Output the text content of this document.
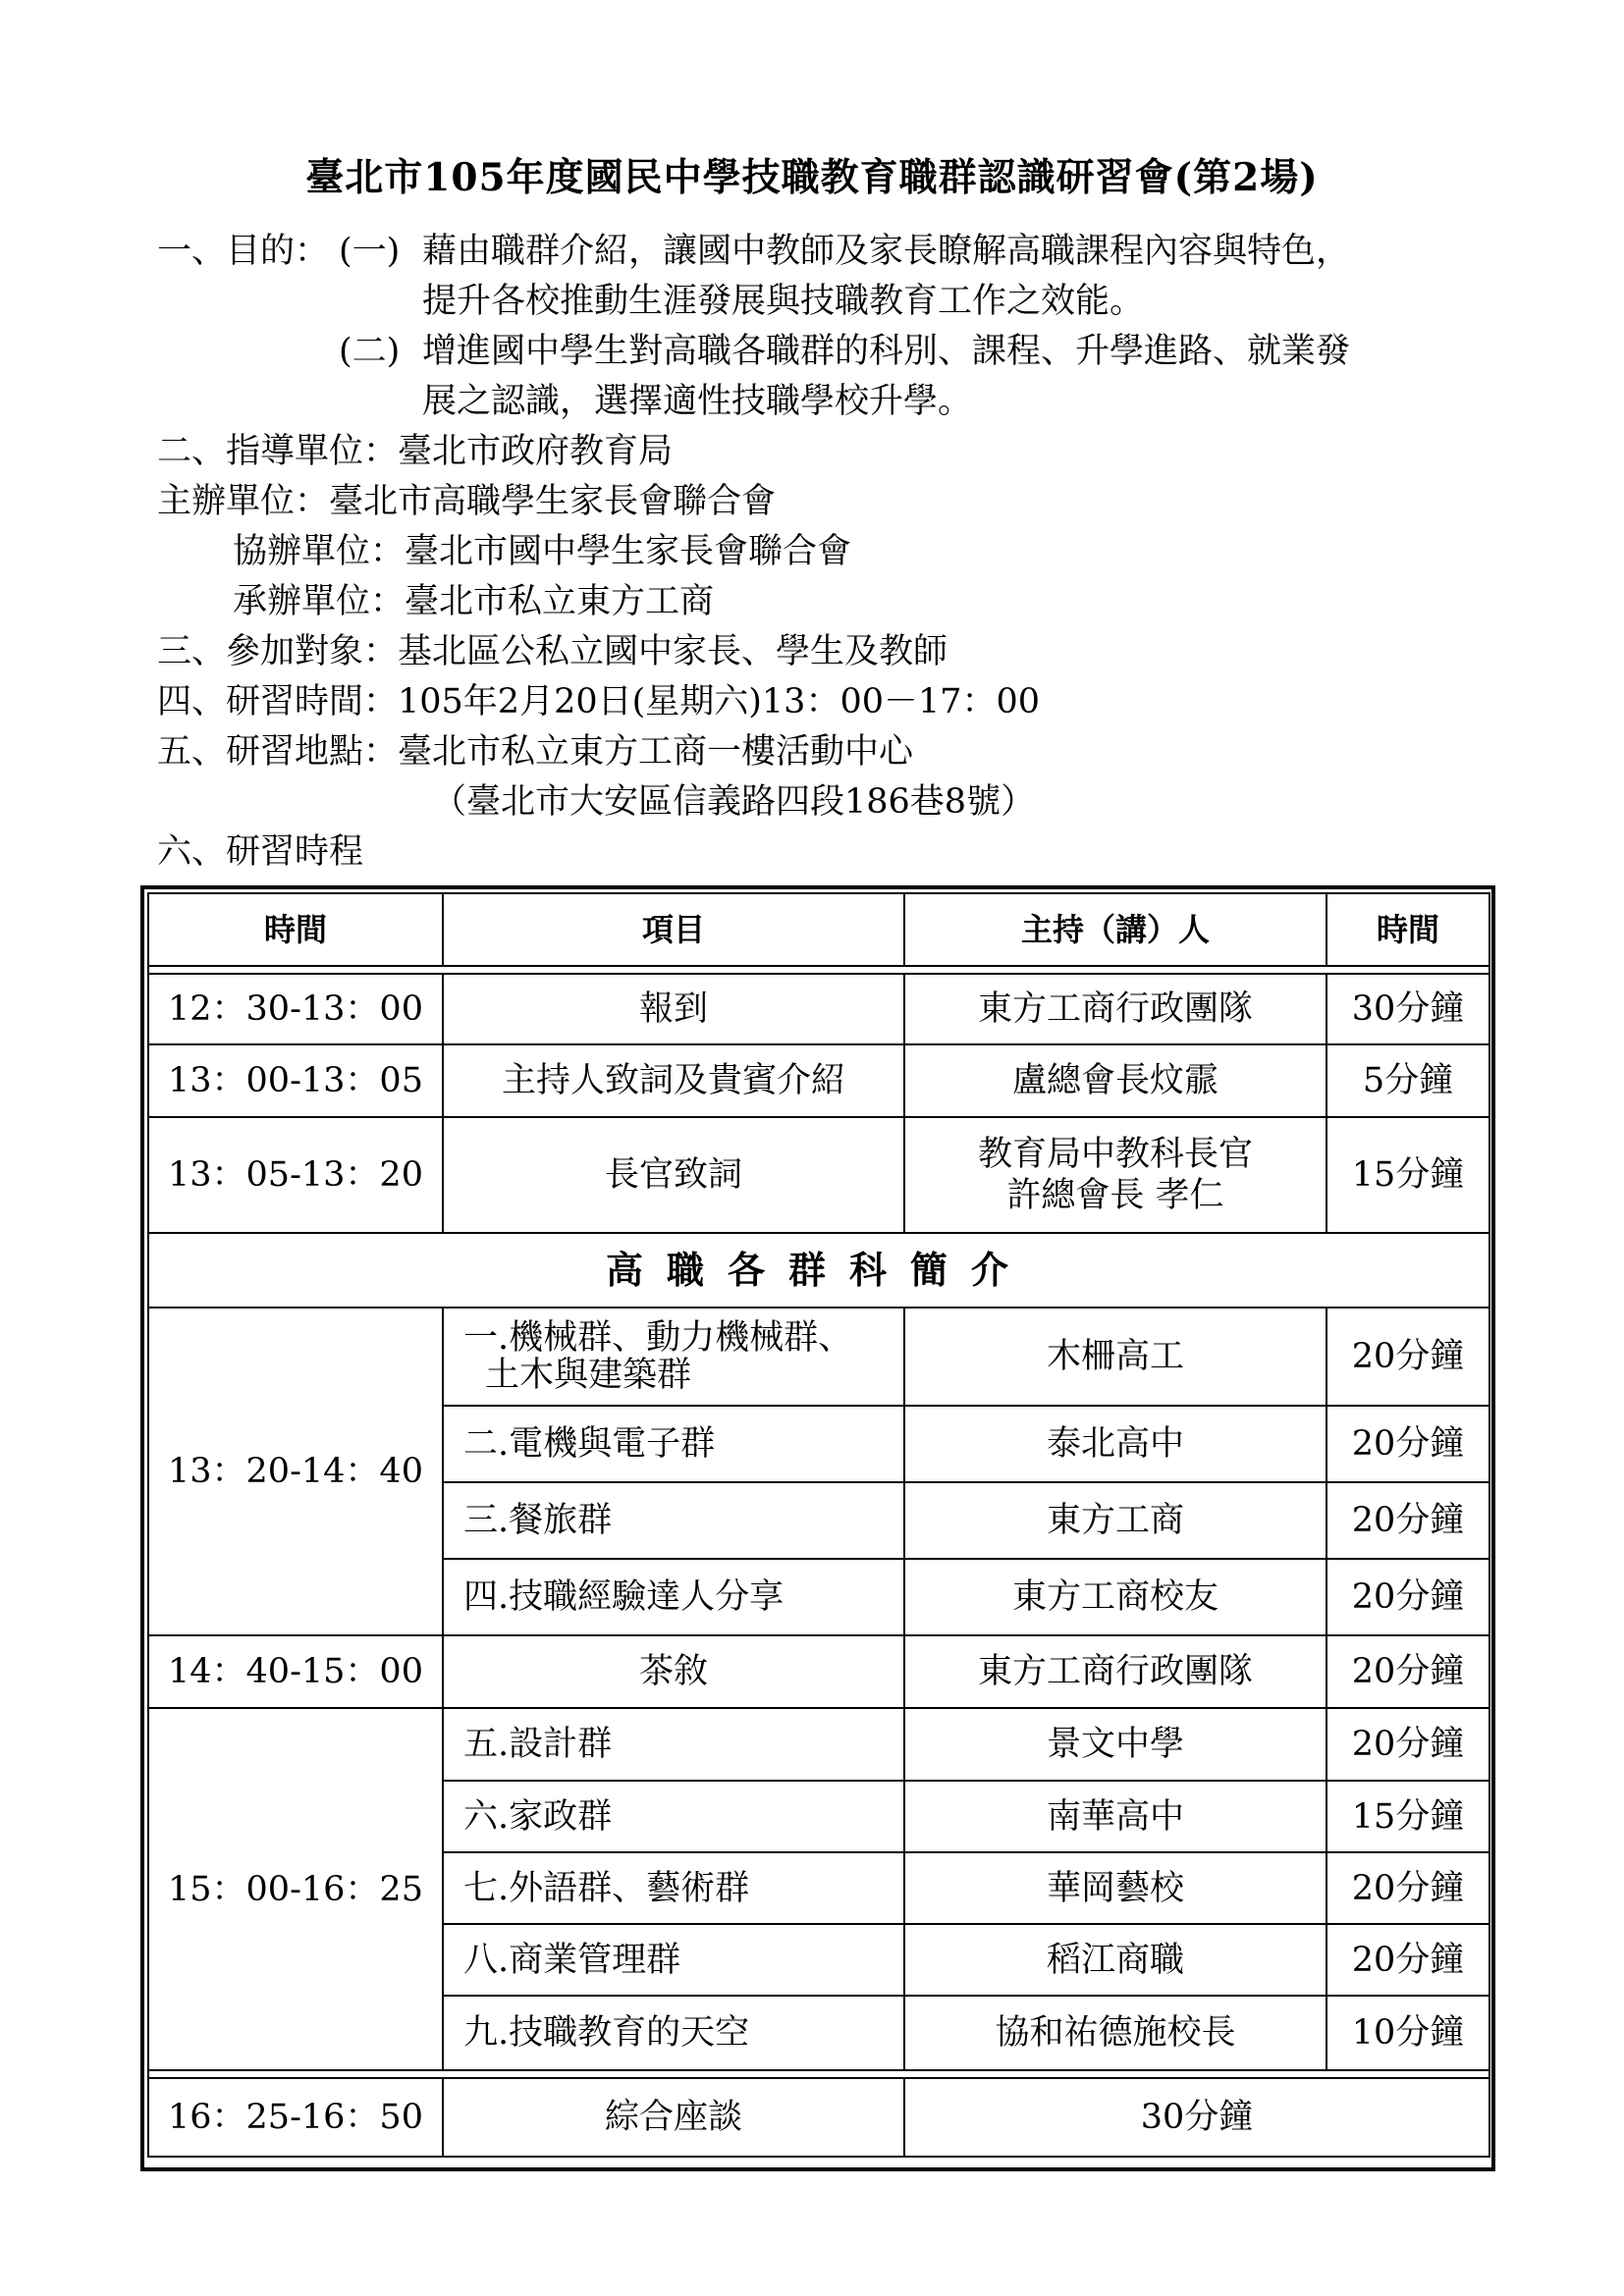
臺北市105年度國民中學技職教育職群認識研習會(第2場)
一、目的： (一) 藉由職群介紹，讓國中教師及家長瞭解高職課程內容與特色，
提升各校推動生涯發展與技職教育工作之效能。
(二) 增進國中學生對高職各職群的科別、課程、升學進路、就業發
展之認識，選擇適性技職學校升學。
二、指導單位：臺北市政府教育局
主辦單位：臺北市高職學生家長會聯合會
協辦單位：臺北市國中學生家長會聯合會
承辦單位：臺北市私立東方工商
三、參加對象：基北區公私立國中家長、學生及教師
四、研習時間：105年2月20日(星期六)13：00－17：00
五、研習地點：臺北市私立東方工商一樓活動中心
（臺北市大安區信義路四段186巷8號）
六、研習時程
時間	項目	主持（講）人	時間

12：30-13：00	報到	東方工商行政團隊	30分鐘
13：00-13：05	主持人致詞及貴賓介紹	盧總會長炆霢	5分鐘
13：05-13：20	長官致詞	教育局中教科長官
許總會長 孝仁	15分鐘
高職各群科簡介			
13：20-14：40	一.機械群、動力機械群、
土木與建築群	木柵高工	20分鐘
	二.電機與電子群	泰北高中	20分鐘
	三.餐旅群	東方工商	20分鐘
	四.技職經驗達人分享	東方工商校友	20分鐘
14：40-15：00	茶敘	東方工商行政團隊	20分鐘
15：00-16：25	五.設計群	景文中學	20分鐘
	六.家政群	南華高中	15分鐘
	七.外語群、藝術群	華岡藝校	20分鐘
	八.商業管理群	稻江商職	20分鐘
	九.技職教育的天空	協和祐德施校長	10分鐘

16：25-16：50	綜合座談	30分鐘	
